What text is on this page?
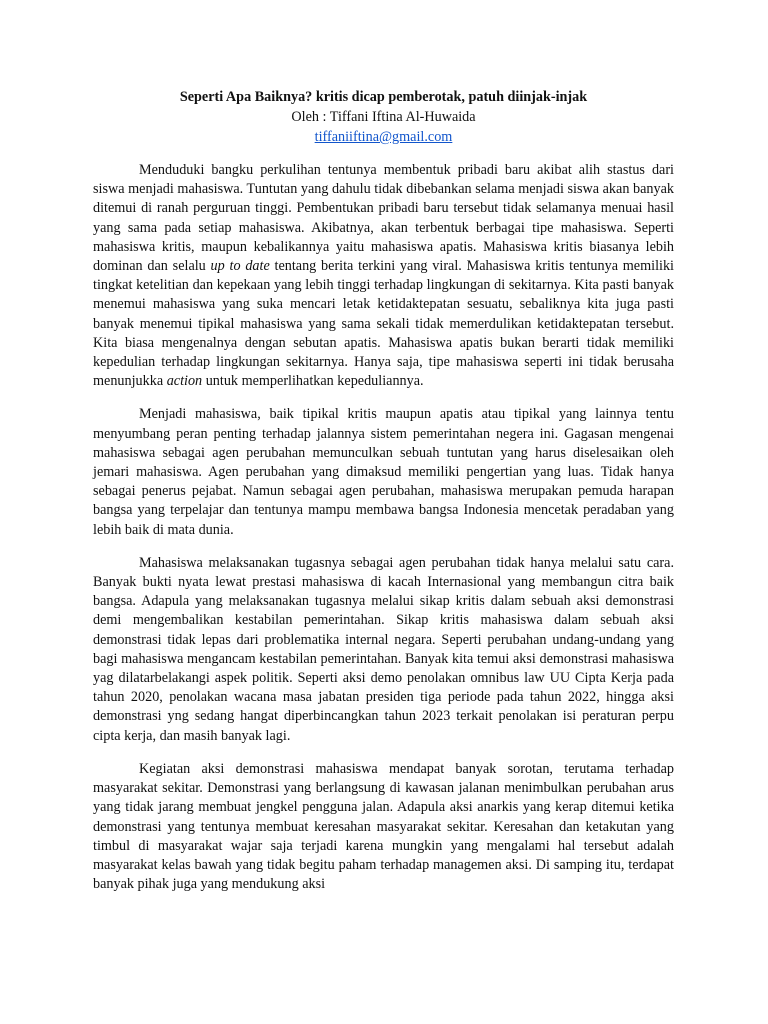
Seperti Apa Baiknya? kritis dicap pemberotak, patuh diinjak-injak
Oleh : Tiffani Iftina Al-Huwaida
tiffaniiftina@gmail.com

Menduduki bangku perkulihan tentunya membentuk pribadi baru akibat alih stastus dari siswa menjadi mahasiswa. Tuntutan yang dahulu tidak dibebankan selama menjadi siswa akan banyak ditemui di ranah perguruan tinggi. Pembentukan pribadi baru tersebut tidak selamanya menuai hasil yang sama pada setiap mahasiswa. Akibatnya, akan terbentuk berbagai tipe mahasiswa. Seperti mahasiswa kritis, maupun kebalikannya yaitu mahasiswa apatis. Mahasiswa kritis biasanya lebih dominan dan selalu up to date tentang berita terkini yang viral. Mahasiswa kritis tentunya memiliki tingkat ketelitian dan kepekaan yang lebih tinggi terhadap lingkungan di sekitarnya. Kita pasti banyak menemui mahasiswa yang suka mencari letak ketidaktepatan sesuatu, sebaliknya kita juga pasti banyak menemui tipikal mahasiswa yang sama sekali tidak memerdulikan ketidaktepatan tersebut. Kita biasa mengenalnya dengan sebutan apatis. Mahasiswa apatis bukan berarti tidak memiliki kepedulian terhadap lingkungan sekitarnya. Hanya saja, tipe mahasiswa seperti ini tidak berusaha menunjukka action untuk memperlihatkan kepeduliannya.

Menjadi mahasiswa, baik tipikal kritis maupun apatis atau tipikal yang lainnya tentu menyumbang peran penting terhadap jalannya sistem pemerintahan negera ini. Gagasan mengenai mahasiswa sebagai agen perubahan memunculkan sebuah tuntutan yang harus diselesaikan oleh jemari mahasiswa. Agen perubahan yang dimaksud memiliki pengertian yang luas. Tidak hanya sebagai penerus pejabat. Namun sebagai agen perubahan, mahasiswa merupakan pemuda harapan bangsa yang terpelajar dan tentunya mampu membawa bangsa Indonesia mencetak peradaban yang lebih baik di mata dunia.

Mahasiswa melaksanakan tugasnya sebagai agen perubahan tidak hanya melalui satu cara. Banyak bukti nyata lewat prestasi mahasiswa di kacah Internasional yang membangun citra baik bangsa. Adapula yang melaksanakan tugasnya melalui sikap kritis dalam sebuah aksi demonstrasi demi mengembalikan kestabilan pemerintahan. Sikap kritis mahasiswa dalam sebuah aksi demonstrasi tidak lepas dari problematika internal negara. Seperti perubahan undang-undang yang bagi mahasiswa mengancam kestabilan pemerintahan. Banyak kita temui aksi demonstrasi mahasiswa yag dilatarbelakangi aspek politik. Seperti aksi demo penolakan omnibus law UU Cipta Kerja pada tahun 2020, penolakan wacana masa jabatan presiden tiga periode pada tahun 2022, hingga aksi demonstrasi yng sedang hangat diperbincangkan tahun 2023 terkait penolakan isi peraturan perpu cipta kerja, dan masih banyak lagi.

Kegiatan aksi demonstrasi mahasiswa mendapat banyak sorotan, terutama terhadap masyarakat sekitar. Demonstrasi yang berlangsung di kawasan jalanan menimbulkan perubahan arus yang tidak jarang membuat jengkel pengguna jalan. Adapula aksi anarkis yang kerap ditemui ketika demonstrasi yang tentunya membuat keresahan masyarakat sekitar. Keresahan dan ketakutan yang timbul di masyarakat wajar saja terjadi karena mungkin yang mengalami hal tersebut adalah masyarakat kelas bawah yang tidak begitu paham terhadap managemen aksi. Di samping itu, terdapat banyak pihak juga yang mendukung aksi
